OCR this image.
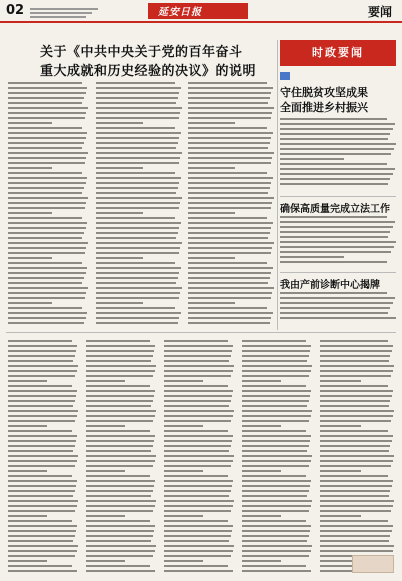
02	延安日报	要闻
关于《中共中央关于党的百年奋斗
重大成就和历史经验的决议》的说明
时政要闻
守住脱贫攻坚成果
全面推进乡村振兴
确保高质量完成立法工作
我由产前诊断中心揭牌
